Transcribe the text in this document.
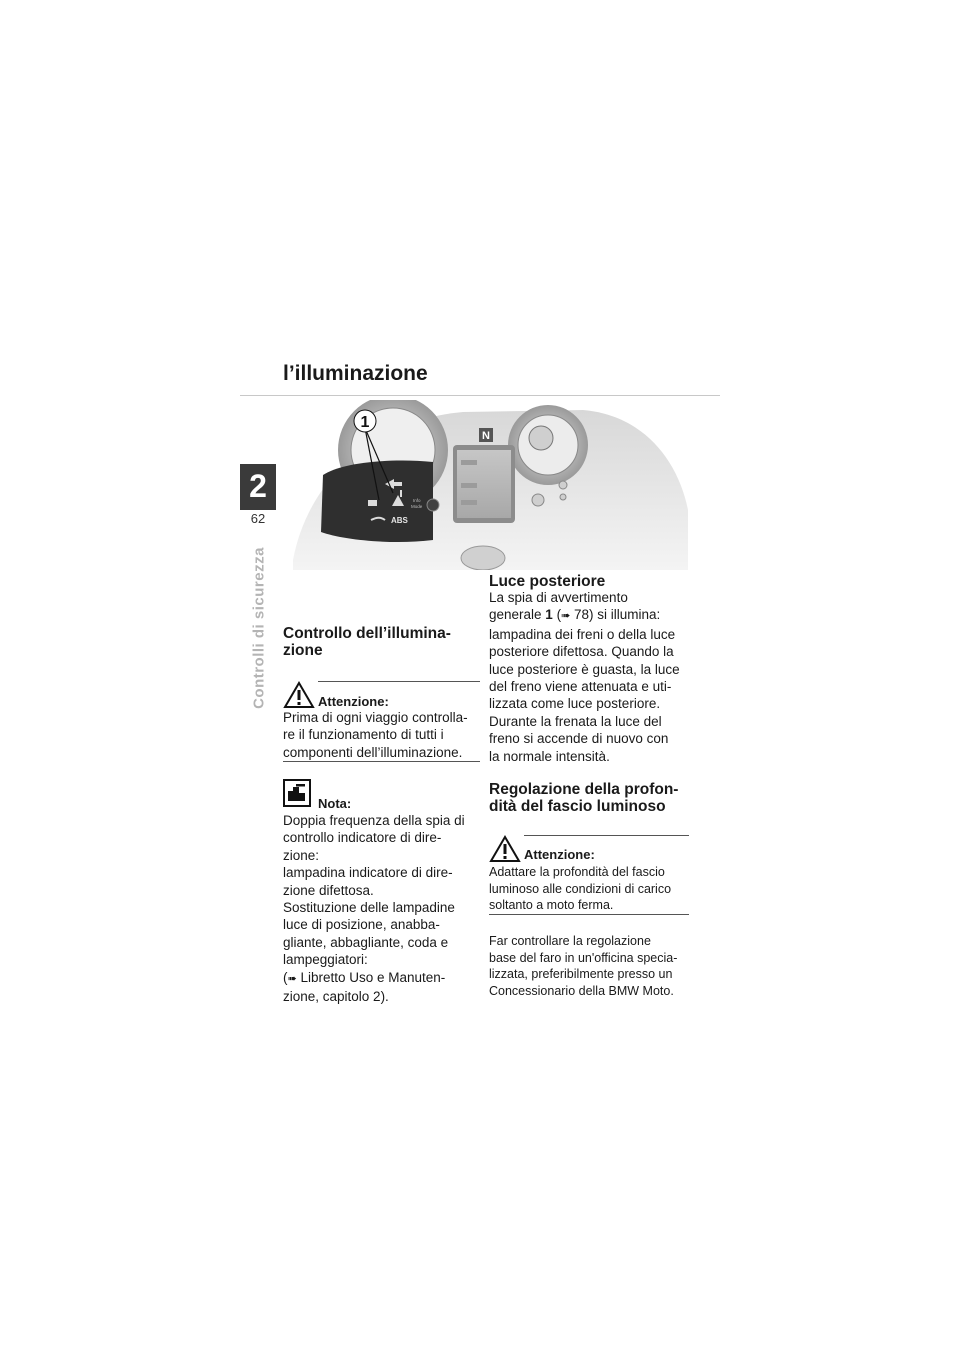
l’illuminazione
2
62
Controlli di sicurezza
N
ABS
Info
Mode
1
Controllo dell’illumina-
zione
Attenzione:

Prima di ogni viaggio controlla-
re il funzionamento di tutti i
componenti dell’illuminazione.

Nota:

Doppia frequenza della spia di
controllo indicatore di dire-
zione:
lampadina indicatore di dire-
zione difettosa.
Sostituzione delle lampadine
luce di posizione, anabba-
gliante, abbagliante, coda e
lampeggiatori:
(➠ Libretto Uso e Manuten-
zione, capitolo 2).

Luce posteriore

La spia di avvertimento
generale 1 (➠ 78) si illumina:
lampadina dei freni o della luce
posteriore difettosa. Quando la
luce posteriore è guasta, la luce
del freno viene attenuata e uti-
lizzata come luce posteriore.
Durante la frenata la luce del
freno si accende di nuovo con
la normale intensità.

Regolazione della profon-
dità del fascio luminoso
Attenzione:

Adattare la profondità del fascio
luminoso alle condizioni di carico
soltanto a moto ferma.

Far controllare la regolazione
base del faro in un'officina specia-
lizzata, preferibilmente presso un
Concessionario della BMW Moto.
